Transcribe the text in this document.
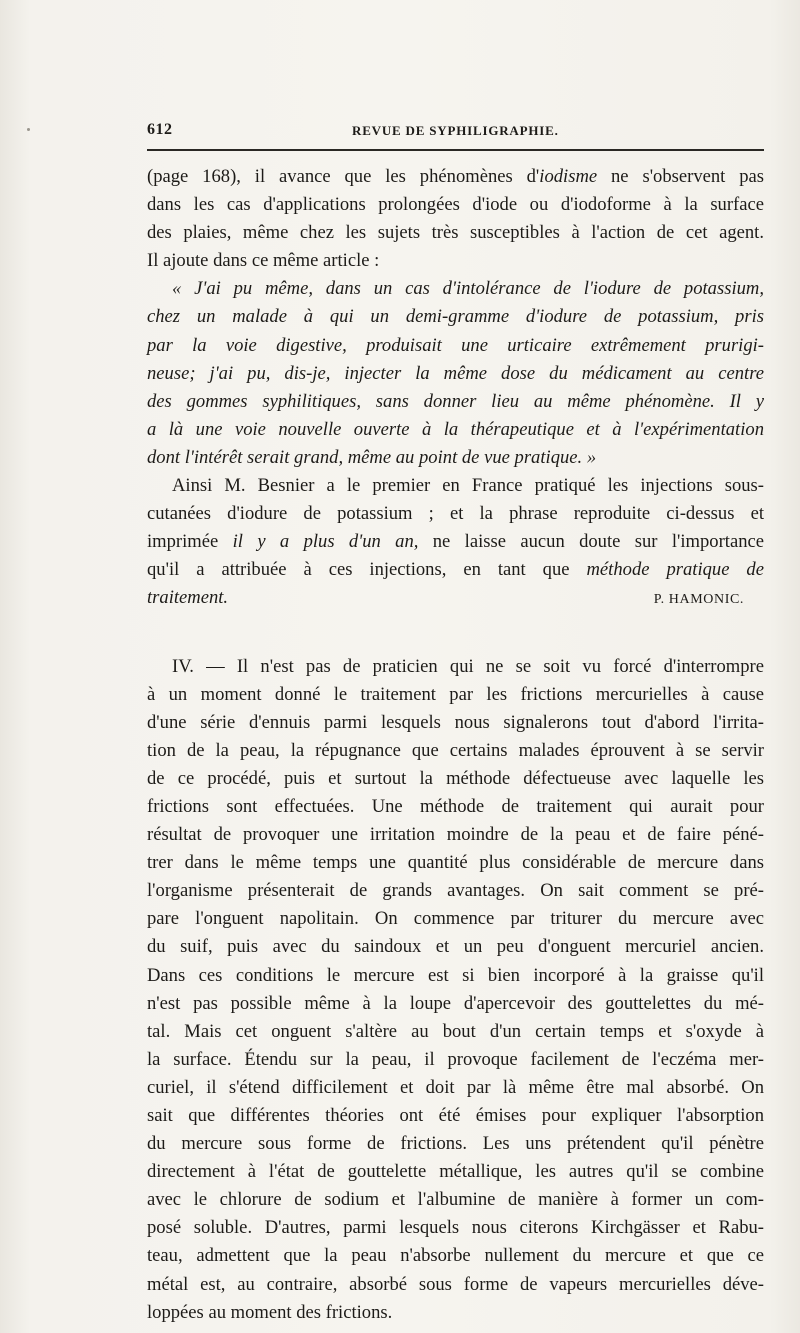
612	REVUE DE SYPHILIGRAPHIE.
(page 168), il avance que les phénomènes d'iodisme ne s'observent pas
dans les cas d'applications prolongées d'iode ou d'iodoforme à la surface
des plaies, même chez les sujets très susceptibles à l'action de cet agent.
Il ajoute dans ce même article :
« J'ai pu même, dans un cas d'intolérance de l'iodure de potassium,
chez un malade à qui un demi-gramme d'iodure de potassium, pris
par la voie digestive, produisait une urticaire extrêmement prurigi-
neuse; j'ai pu, dis-je, injecter la même dose du médicament au centre
des gommes syphilitiques, sans donner lieu au même phénomène. Il y
a là une voie nouvelle ouverte à la thérapeutique et à l'expérimentation
dont l'intérêt serait grand, même au point de vue pratique. »
Ainsi M. Besnier a le premier en France pratiqué les injections sous-
cutanées d'iodure de potassium ; et la phrase reproduite ci-dessus et
imprimée il y a plus d'un an, ne laisse aucun doute sur l'importance
qu'il a attribuée à ces injections, en tant que méthode pratique de
traitement.	P. HAMONIC.
IV. — Il n'est pas de praticien qui ne se soit vu forcé d'interrompre
à un moment donné le traitement par les frictions mercurielles à cause
d'une série d'ennuis parmi lesquels nous signalerons tout d'abord l'irrita-
tion de la peau, la répugnance que certains malades éprouvent à se servir
de ce procédé, puis et surtout la méthode défectueuse avec laquelle les
frictions sont effectuées. Une méthode de traitement qui aurait pour
résultat de provoquer une irritation moindre de la peau et de faire péné-
trer dans le même temps une quantité plus considérable de mercure dans
l'organisme présenterait de grands avantages. On sait comment se pré-
pare l'onguent napolitain. On commence par triturer du mercure avec
du suif, puis avec du saindoux et un peu d'onguent mercuriel ancien.
Dans ces conditions le mercure est si bien incorporé à la graisse qu'il
n'est pas possible même à la loupe d'apercevoir des gouttelettes du mé-
tal. Mais cet onguent s'altère au bout d'un certain temps et s'oxyde à
la surface. Étendu sur la peau, il provoque facilement de l'eczéma mer-
curiel, il s'étend difficilement et doit par là même être mal absorbé. On
sait que différentes théories ont été émises pour expliquer l'absorption
du mercure sous forme de frictions. Les uns prétendent qu'il pénètre
directement à l'état de gouttelette métallique, les autres qu'il se combine
avec le chlorure de sodium et l'albumine de manière à former un com-
posé soluble. D'autres, parmi lesquels nous citerons Kirchgässer et Rabu-
teau, admettent que la peau n'absorbe nullement du mercure et que ce
métal est, au contraire, absorbé sous forme de vapeurs mercurielles déve-
loppées au moment des frictions.
